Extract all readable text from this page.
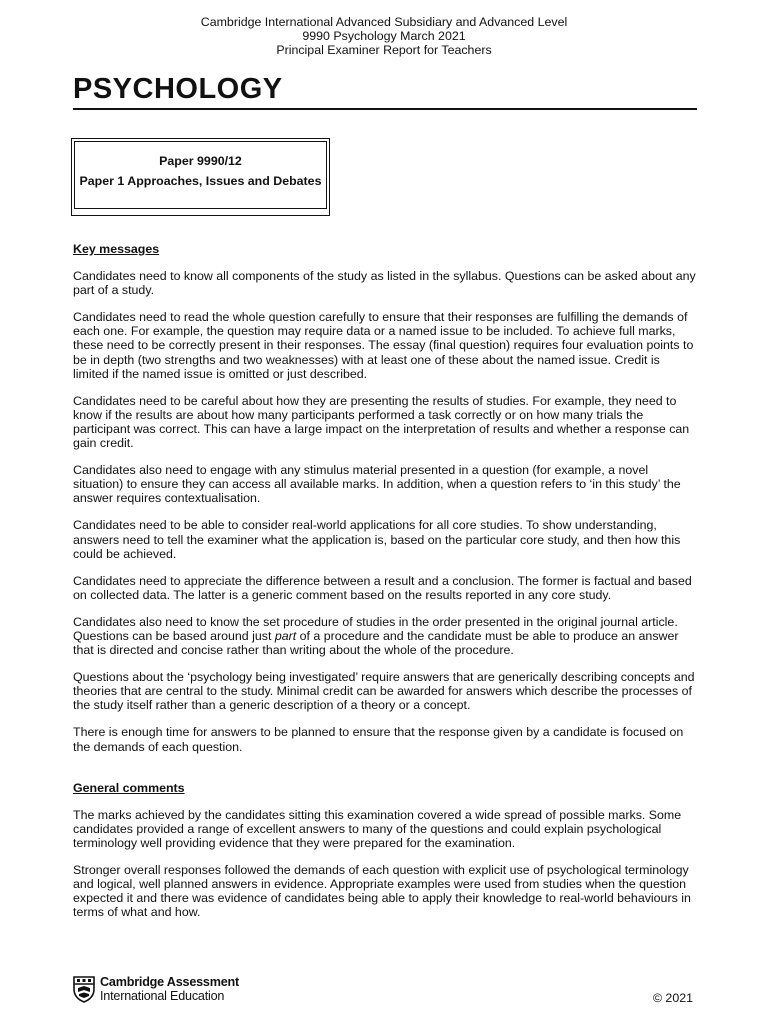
Cambridge International Advanced Subsidiary and Advanced Level
9990 Psychology March 2021
Principal Examiner Report for Teachers
PSYCHOLOGY
Paper 9990/12
Paper 1 Approaches, Issues and Debates

Key messages

Candidates need to know all components of the study as listed in the syllabus. Questions can be asked about any part of a study.

Candidates need to read the whole question carefully to ensure that their responses are fulfilling the demands of each one. For example, the question may require data or a named issue to be included. To achieve full marks, these need to be correctly present in their responses. The essay (final question) requires four evaluation points to be in depth (two strengths and two weaknesses) with at least one of these about the named issue. Credit is limited if the named issue is omitted or just described.

Candidates need to be careful about how they are presenting the results of studies. For example, they need to know if the results are about how many participants performed a task correctly or on how many trials the participant was correct. This can have a large impact on the interpretation of results and whether a response can gain credit.

Candidates also need to engage with any stimulus material presented in a question (for example, a novel situation) to ensure they can access all available marks. In addition, when a question refers to ‘in this study’ the answer requires contextualisation.

Candidates need to be able to consider real-world applications for all core studies. To show understanding, answers need to tell the examiner what the application is, based on the particular core study, and then how this could be achieved.

Candidates need to appreciate the difference between a result and a conclusion. The former is factual and based on collected data. The latter is a generic comment based on the results reported in any core study.

Candidates also need to know the set procedure of studies in the order presented in the original journal article. Questions can be based around just part of a procedure and the candidate must be able to produce an answer that is directed and concise rather than writing about the whole of the procedure.

Questions about the ‘psychology being investigated’ require answers that are generically describing concepts and theories that are central to the study. Minimal credit can be awarded for answers which describe the processes of the study itself rather than a generic description of a theory or a concept.

There is enough time for answers to be planned to ensure that the response given by a candidate is focused on the demands of each question.

General comments

The marks achieved by the candidates sitting this examination covered a wide spread of possible marks. Some candidates provided a range of excellent answers to many of the questions and could explain psychological terminology well providing evidence that they were prepared for the examination.

Stronger overall responses followed the demands of each question with explicit use of psychological terminology and logical, well planned answers in evidence. Appropriate examples were used from studies when the question expected it and there was evidence of candidates being able to apply their knowledge to real-world behaviours in terms of what and how.

Cambridge Assessment
International Education	© 2021
